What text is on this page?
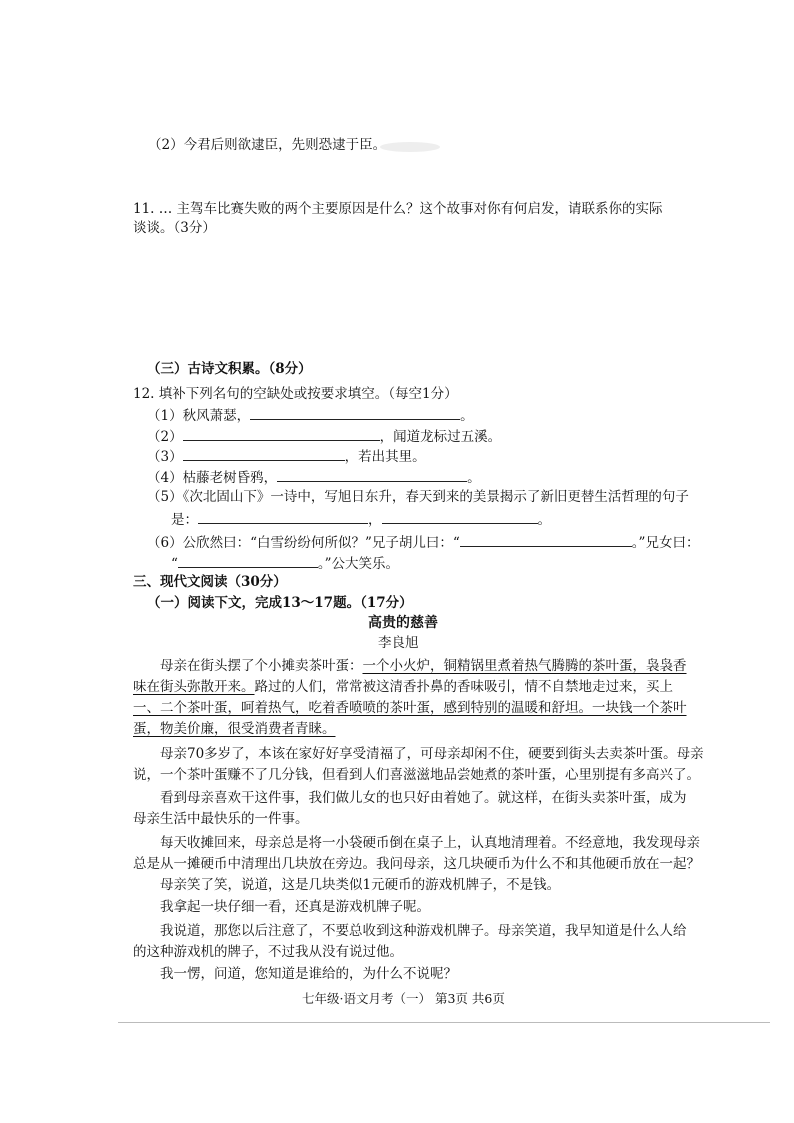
（2）今君后则欲逮臣，先则恐逮于臣。
11. … 主驾车比赛失败的两个主要原因是什么？这个故事对你有何启发，请联系你的实际
谈谈。（3分）
（三）古诗文积累。（8分）
12. 填补下列名句的空缺处或按要求填空。（每空1分）
（1）秋风萧瑟，	。
（2）	，闻道龙标过五溪。
（3）	，若出其里。
（4）枯藤老树昏鸦，	。
（5）《次北固山下》一诗中，写旭日东升，春天到来的美景揭示了新旧更替生活哲理的句子
是：	，	。
（6）公欣然曰：“白雪纷纷何所似？”兄子胡儿曰：“	。”兄女曰：
“	。”公大笑乐。
三、现代文阅读（30分）
（一）阅读下文，完成13～17题。（17分）
高贵的慈善
李良旭
母亲在街头摆了个小摊卖茶叶蛋：一个小火炉，铜精锅里煮着热气腾腾的茶叶蛋，袅袅香
味在街头弥散开来。路过的人们，常常被这清香扑鼻的香味吸引，情不自禁地走过来，买上
一、二个茶叶蛋，呵着热气，吃着香喷喷的茶叶蛋，感到特别的温暖和舒坦。一块钱一个茶叶
蛋，物美价廉，很受消费者青睐。
母亲70多岁了，本该在家好好享受清福了，可母亲却闲不住，硬要到街头去卖茶叶蛋。母亲
说，一个茶叶蛋赚不了几分钱，但看到人们喜滋滋地品尝她煮的茶叶蛋，心里别提有多高兴了。
看到母亲喜欢干这件事，我们做儿女的也只好由着她了。就这样，在街头卖茶叶蛋，成为
母亲生活中最快乐的一件事。
每天收摊回来，母亲总是将一小袋硬币倒在桌子上，认真地清理着。不经意地，我发现母亲
总是从一摊硬币中清理出几块放在旁边。我问母亲，这几块硬币为什么不和其他硬币放在一起？
母亲笑了笑，说道，这是几块类似1元硬币的游戏机牌子，不是钱。
我拿起一块仔细一看，还真是游戏机牌子呢。
我说道，那您以后注意了，不要总收到这种游戏机牌子。母亲笑道，我早知道是什么人给
的这种游戏机的牌子，不过我从没有说过他。
我一愣，问道，您知道是谁给的，为什么不说呢？
七年级·语文月考（一） 第3页 共6页
